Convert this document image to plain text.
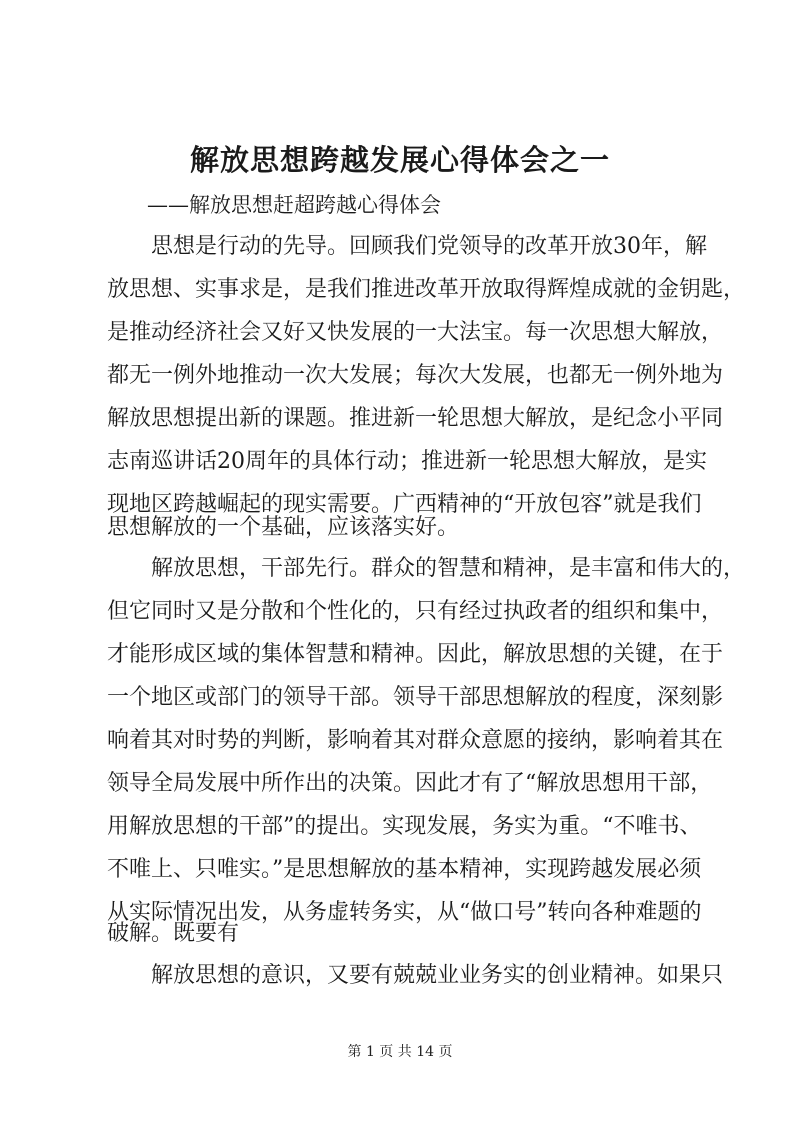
解放思想跨越发展心得体会之一
——解放思想赶超跨越心得体会
思想是行动的先导。回顾我们党领导的改革开放30年，解
放思想、实事求是，是我们推进改革开放取得辉煌成就的金钥匙，
是推动经济社会又好又快发展的一大法宝。每一次思想大解放，
都无一例外地推动一次大发展；每次大发展，也都无一例外地为
解放思想提出新的课题。推进新一轮思想大解放，是纪念小平同
志南巡讲话20周年的具体行动；推进新一轮思想大解放，是实
现地区跨越崛起的现实需要。广西精神的“开放包容”就是我们
思想解放的一个基础，应该落实好。
解放思想，干部先行。群众的智慧和精神，是丰富和伟大的，
但它同时又是分散和个性化的，只有经过执政者的组织和集中，
才能形成区域的集体智慧和精神。因此，解放思想的关键，在于
一个地区或部门的领导干部。领导干部思想解放的程度，深刻影
响着其对时势的判断，影响着其对群众意愿的接纳，影响着其在
领导全局发展中所作出的决策。因此才有了“解放思想用干部，
用解放思想的干部”的提出。实现发展，务实为重。“不唯书、
不唯上、只唯实。”是思想解放的基本精神，实现跨越发展必须
从实际情况出发，从务虚转务实，从“做口号”转向各种难题的
破解。既要有
解放思想的意识，又要有兢兢业业务实的创业精神。如果只
第 1 页 共 14 页
